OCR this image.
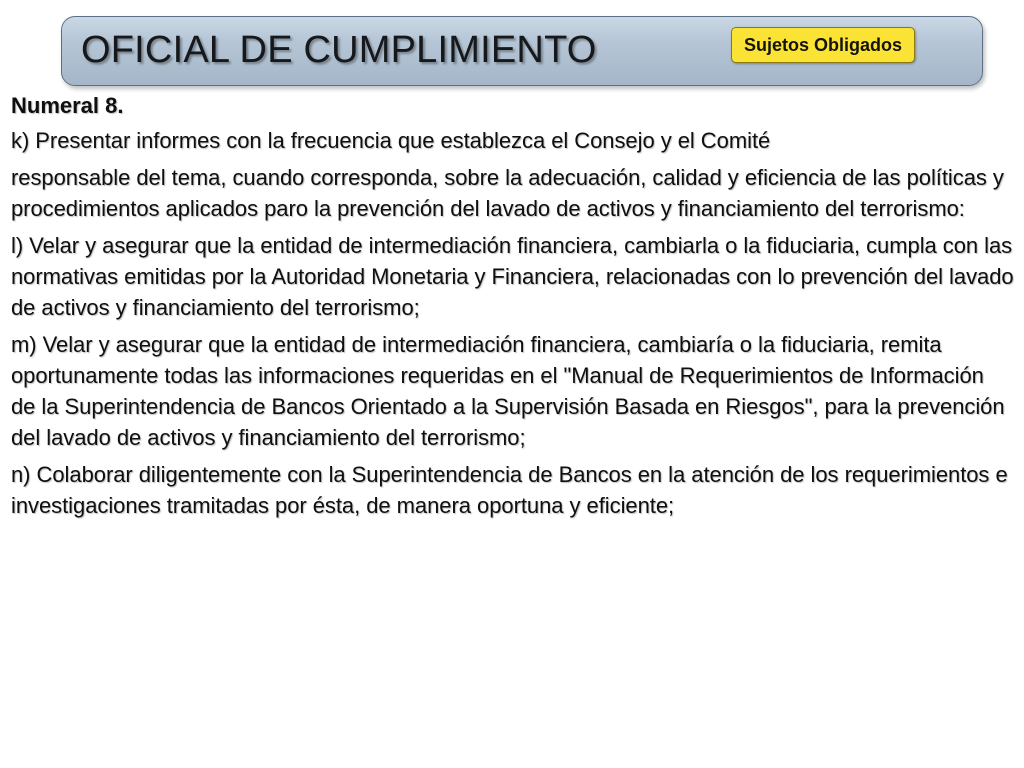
OFICIAL DE CUMPLIMIENTO	Sujetos Obligados
Numeral 8.
k) Presentar informes con la frecuencia que establezca el Consejo y el Comité
responsable del tema, cuando corresponda, sobre la adecuación, calidad y eficiencia de las políticas y procedimientos aplicados paro la prevención del lavado de activos y financiamiento del terrorismo:
l) Velar y asegurar que la entidad de intermediación financiera, cambiarla o la fiduciaria, cumpla con las normativas emitidas por la Autoridad Monetaria y Financiera, relacionadas con lo prevención del lavado de activos y financiamiento del terrorismo;
m) Velar y asegurar que la entidad de intermediación financiera, cambiaría o la fiduciaria, remita oportunamente todas las informaciones requeridas en el "Manual de Requerimientos de Información de la Superintendencia de Bancos Orientado a la Supervisión Basada en Riesgos", para la prevención del lavado de activos y financiamiento del terrorismo;
n) Colaborar diligentemente con la Superintendencia de Bancos en la atención de los requerimientos e investigaciones tramitadas por ésta, de manera oportuna y eficiente;
